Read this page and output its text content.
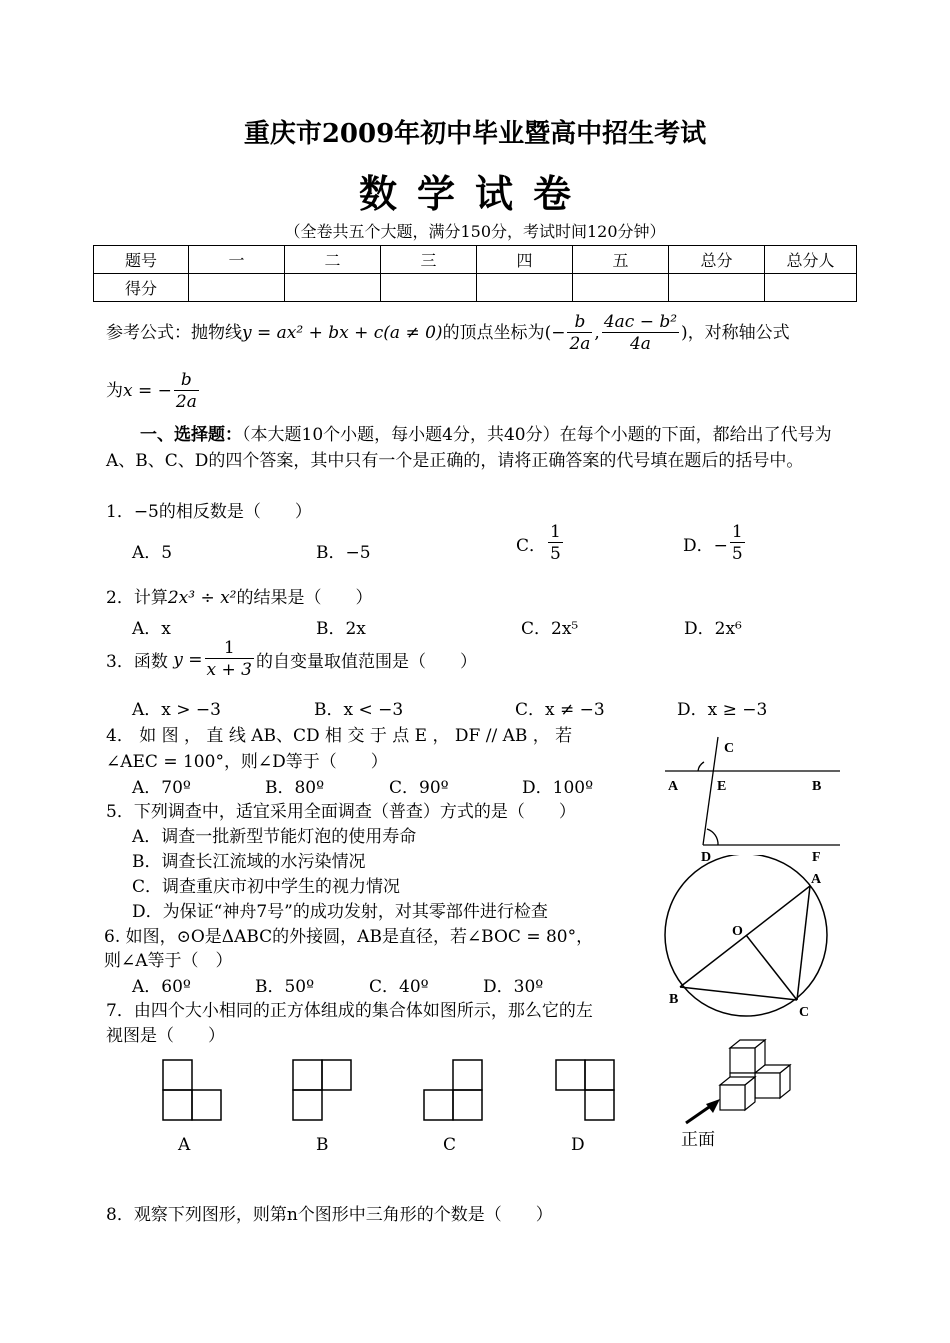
重庆市2009年初中毕业暨高中招生考试
数学试卷
（全卷共五个大题，满分150分，考试时间120分钟）
题号	一	二	三	四	五	总分	总分人
得分							
参考公式：抛物线y = ax² + bx + c(a ≠ 0)的顶点坐标为(− $\frac{b}{2a}$ , $\frac{\text{4ac − b²}}{4a}$ )，对称轴公式
为x = − $\frac{b}{2a}$
一、选择题：（本大题10个小题，每小题4分，共40分）在每个小题的下面，都给出了代号为A、B、C、D的四个答案，其中只有一个是正确的，请将正确答案的代号填在题后的括号中。
1．−5的相反数是（　　）
A．5	B．−5	C． $\frac{1}{5}$	D．− $\frac{1}{5}$
2．计算2x³ ÷ x²的结果是（　　）
A．x	B．2x	C．2x⁵	D．2x⁶
3．函数 $y = \frac{1}{x + 3}$ 的自变量取值范围是（　　）
A．x > −3	B．x < −3	C．x ≠ −3	D．x ≥ −3
4． 如 图 ， 直 线 AB、CD 相 交 于 点 E ， DF // AB ， 若
∠AEC = 100°，则∠D等于（　　）
A．70º	B．80º	C．90º	D．100º
5．下列调查中，适宜采用全面调查（普查）方式的是（　　）
A．调查一批新型节能灯泡的使用寿命
B．调查长江流域的水污染情况
C．调查重庆市初中学生的视力情况
D．为保证“神舟7号”的成功发射，对其零部件进行检查
6. 如图，⊙O是ΔABC的外接圆，AB是直径，若∠BOC = 80°，
则∠A等于（　）
A．60º	B．50º	C．40º	D．30º
7．由四个大小相同的正方体组成的集合体如图所示，那么它的左
视图是（　　）
A	B	C	D
8．观察下列图形，则第n个图形中三角形的个数是（　　）
C
A	E	B
D	F
O
A
B
C
正面
